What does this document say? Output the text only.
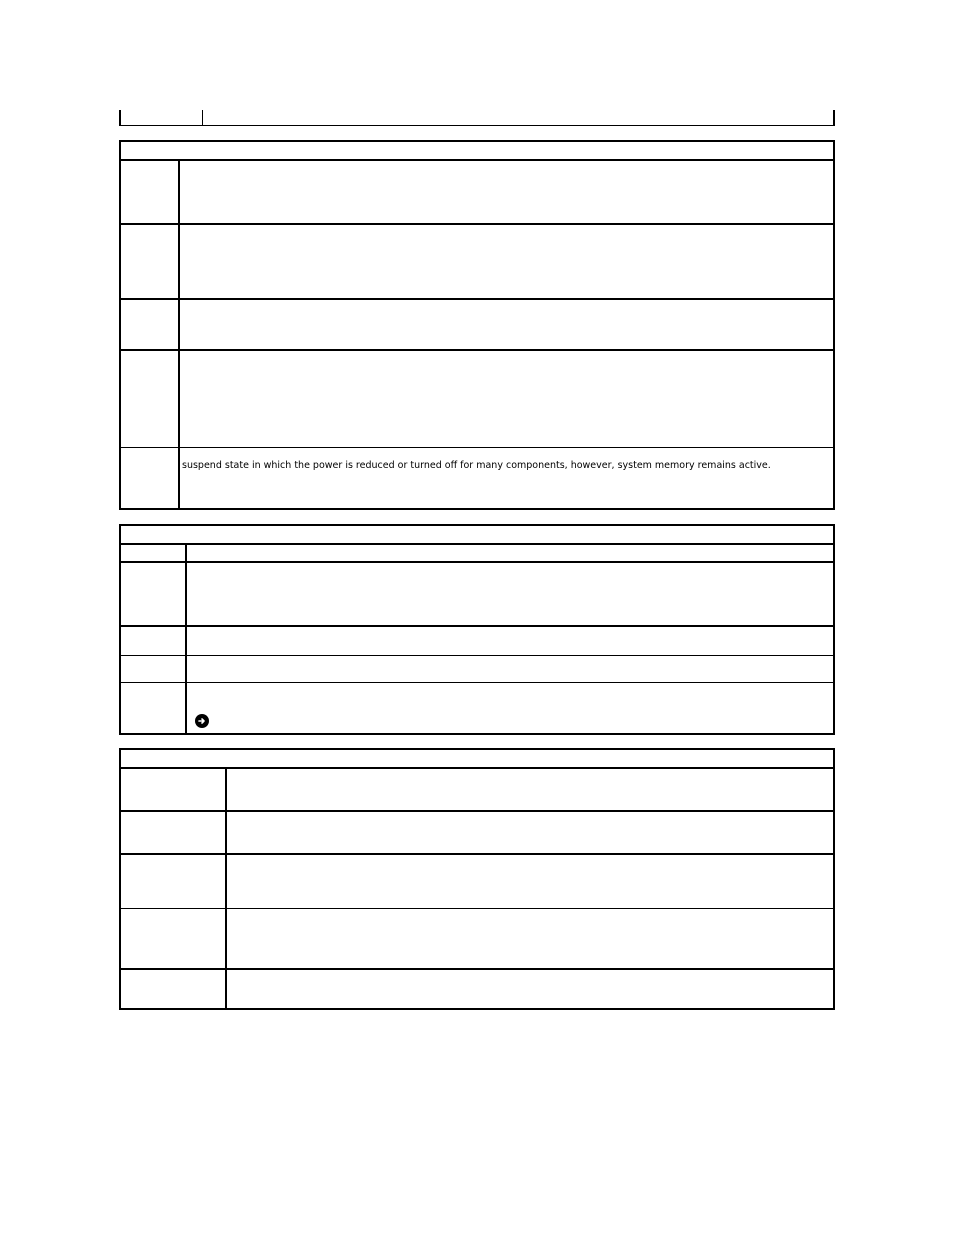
suspend state in which the power is reduced or turned off for many components, however, system memory remains active.
